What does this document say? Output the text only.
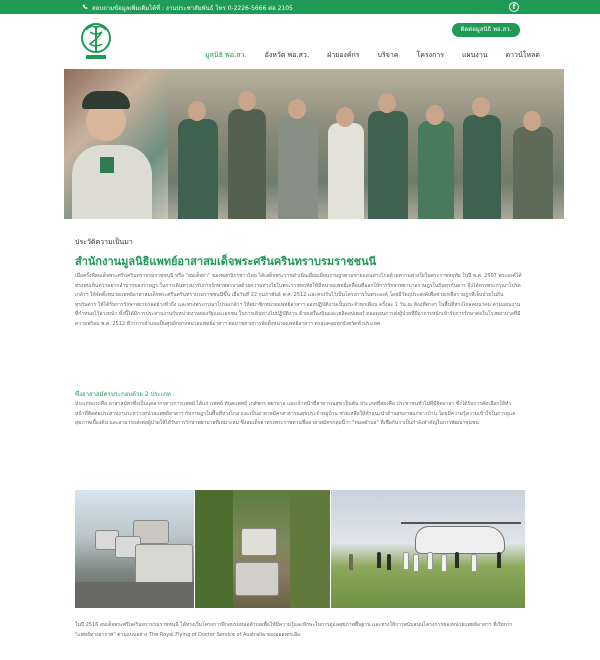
สอบถามข้อมูลเพิ่มเติมได้ที่ : งานประชาสัมพันธ์ โทร 0-2226-5666 ต่อ 2105	f
ติดต่อมูลนิธิ พอ.สว.
มูลนิธิ พอ.สว.	อังหวัด พอ.สว.	ฝ่ายองค์กร	บริจาค	โครงการ	แผนงาน	ดาวน์โหลด
ประวัติความเป็นมา
สำนักงานมูลนิธิแพทย์อาสาสมเด็จพระศรีนครินทราบรมราชชนนี

เมื่อครั้งที่สมเด็จพระศรีนครินทราบรมราชชนนี หรือ "สมเด็จย่า" ของพสกนิกรชาวไทย ได้เสด็จพระราชดำเนินเยี่ยมเยียนราษฎรตามชายแดนห่างไกลด้วยความห่วงใยในพระราชหฤทัย ในปี พ.ศ. 2507 พระองค์ได้ทรงพบเห็นความยากลำบากของราษฎร ในการเดินทางมารับการรักษาพยาบาลด้วยความห่วงใยในพระราชหฤทัยให้มีหน่วยแพทย์เคลื่อนที่ออกให้การรักษาพยาบาลราษฎรในถิ่นทุรกันดาร จึงได้ทรงพระกรุณาโปรดเกล้าฯ ให้จัดตั้งหน่วยแพทย์อาสาสมเด็จพระศรีนครินทราบรมราชชนนีขึ้น เมื่อวันที่ 22 กุมภาพันธ์ พ.ศ. 2512 และทรงรับไว้เป็นโครงการในพระองค์ โดยมีวัตถุประสงค์เพื่อช่วยเหลือราษฎรที่เจ็บป่วยในถิ่นทุรกันดาร ให้ได้รับการรักษาพยาบาลอย่างทั่วถึง และทรงพระกรุณาโปรดเกล้าฯ ให้สมาชิกหน่วยแพทย์อาสาฯ ออกปฏิบัติงานเป็นประจำทุกเดือน ครั้งละ 1 วัน ณ ท้องที่ต่างๆ ในพื้นที่ห่างไกลคมนาคม ตามแผนงานที่กำหนดไว้ล่วงหน้า ทั้งนี้ได้มีการประสานงานกับหน่วยงานของรัฐและเอกชน ในการเดินทางไปปฏิบัติงาน ด้วยเครื่องบินและเฮลิคอปเตอร์ ตลอดจนการส่งผู้ป่วยที่มีอาการหนักเข้ารับการรักษาต่อในโรงพยาบาลที่มีความพร้อม พ.ศ. 2512 ที่ว่าการอำเภอเป็นศูนย์กลางหน่วยแพทย์อาสาฯ ต่อมาขยายการจัดตั้งหน่วยแพทย์อาสาฯ ครอบคลุมทุกจังหวัดทั่วประเทศ

ซึ่งอาสาสมัครประกอบด้วย 2 ประเภท

ประเภทแรกคือ อาสาสมัครซึ่งเป็นบุคลากรทางการแพทย์ ได้แก่ แพทย์ ทันตแพทย์ เภสัชกร พยาบาล และเจ้าหน้าที่สาธารณสุข เป็นต้น ประเภทที่สองคือ ประชาชนทั่วไปที่มีจิตอาสา ซึ่งได้รับการคัดเลือกให้ทำหน้าที่ติดต่อประสานงานระหว่างหน่วยแพทย์อาสาฯ กับราษฎรในพื้นที่ห่างไกล และเป็นอาสาสมัครสาธารณสุขประจำหมู่บ้าน ช่วยเหลือให้คำแนะนำด้านสุขภาพแก่ชาวบ้าน โดยมีความรู้ความเข้าใจในการดูแลสุขภาพเบื้องต้น และสามารถส่งต่อผู้ป่วยให้ได้รับการรักษาพยาบาลที่เหมาะสม ซึ่งสมเด็จย่าทรงพระราชทานชื่ออาสาสมัครกลุ่มนี้ว่า "หมอตำบล" ที่เชื่อกันว่าเป็นกำลังสำคัญในการพัฒนาชุมชน

ในปี 2516 สมเด็จพระศรีนครินทราบรมราชชนนี ได้ทรงเริ่มโครงการฝึกอบรมหมอตำบลเพื่อให้มีความรู้และทักษะในการดูแลสุขภาพพื้นฐาน และทรงให้การสนับสนุนโครงการของหน่วยแพทย์อาสาฯ ที่เรียกว่า "แพทย์ทางอากาศ" ตามแบบอย่าง The Royal Flying of Doctor Service of Australia ของออสเตรเลีย
